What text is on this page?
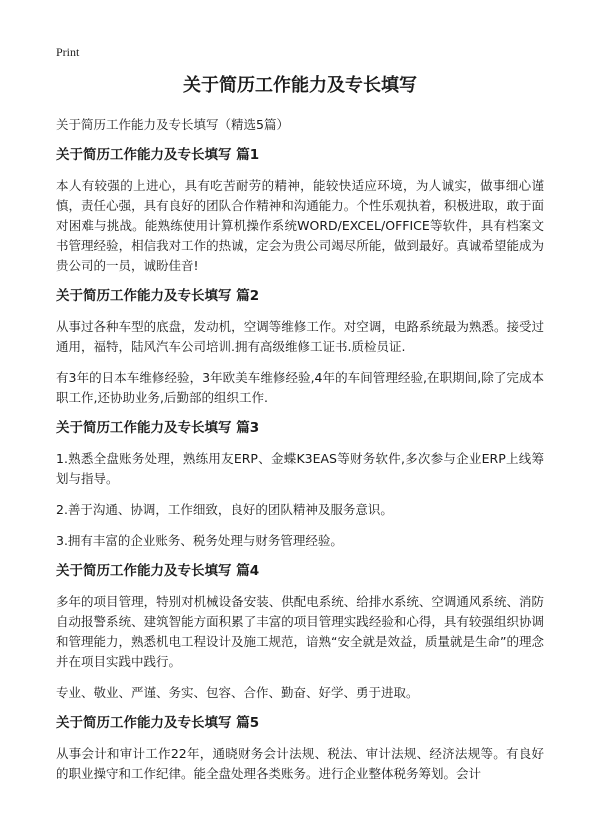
Print
关于简历工作能力及专长填写
关于简历工作能力及专长填写（精选5篇）
关于简历工作能力及专长填写 篇1

本人有较强的上进心，具有吃苦耐劳的精神，能较快适应环境，为人诚实，做事细心谨慎，责任心强，具有良好的团队合作精神和沟通能力。个性乐观执着，积极进取，敢于面对困难与挑战。能熟练使用计算机操作系统WORD/EXCEL/OFFICE等软件，具有档案文书管理经验，相信我对工作的热诚，定会为贵公司竭尽所能，做到最好。真诚希望能成为贵公司的一员，诚盼佳音!

关于简历工作能力及专长填写 篇2

从事过各种车型的底盘，发动机，空调等维修工作。对空调，电路系统最为熟悉。接受过通用，福特，陆风汽车公司培训.拥有高级维修工证书.质检员证.

有3年的日本车维修经验，3年欧美车维修经验,4年的车间管理经验,在职期间,除了完成本职工作,还协助业务,后勤部的组织工作.

关于简历工作能力及专长填写 篇3

1.熟悉全盘账务处理，熟练用友ERP、金蝶K3EAS等财务软件,多次参与企业ERP上线筹划与指导。

2.善于沟通、协调，工作细致，良好的团队精神及服务意识。

3.拥有丰富的企业账务、税务处理与财务管理经验。

关于简历工作能力及专长填写 篇4

多年的项目管理，特别对机械设备安装、供配电系统、给排水系统、空调通风系统、消防自动报警系统、建筑智能方面积累了丰富的项目管理实践经验和心得，具有较强组织协调和管理能力，熟悉机电工程设计及施工规范，谙熟“安全就是效益，质量就是生命”的理念并在项目实践中践行。

专业、敬业、严谨、务实、包容、合作、勤奋、好学、勇于进取。

关于简历工作能力及专长填写 篇5

从事会计和审计工作22年，通晓财务会计法规、税法、审计法规、经济法规等。有良好的职业操守和工作纪律。能全盘处理各类账务。进行企业整体税务筹划。会计
